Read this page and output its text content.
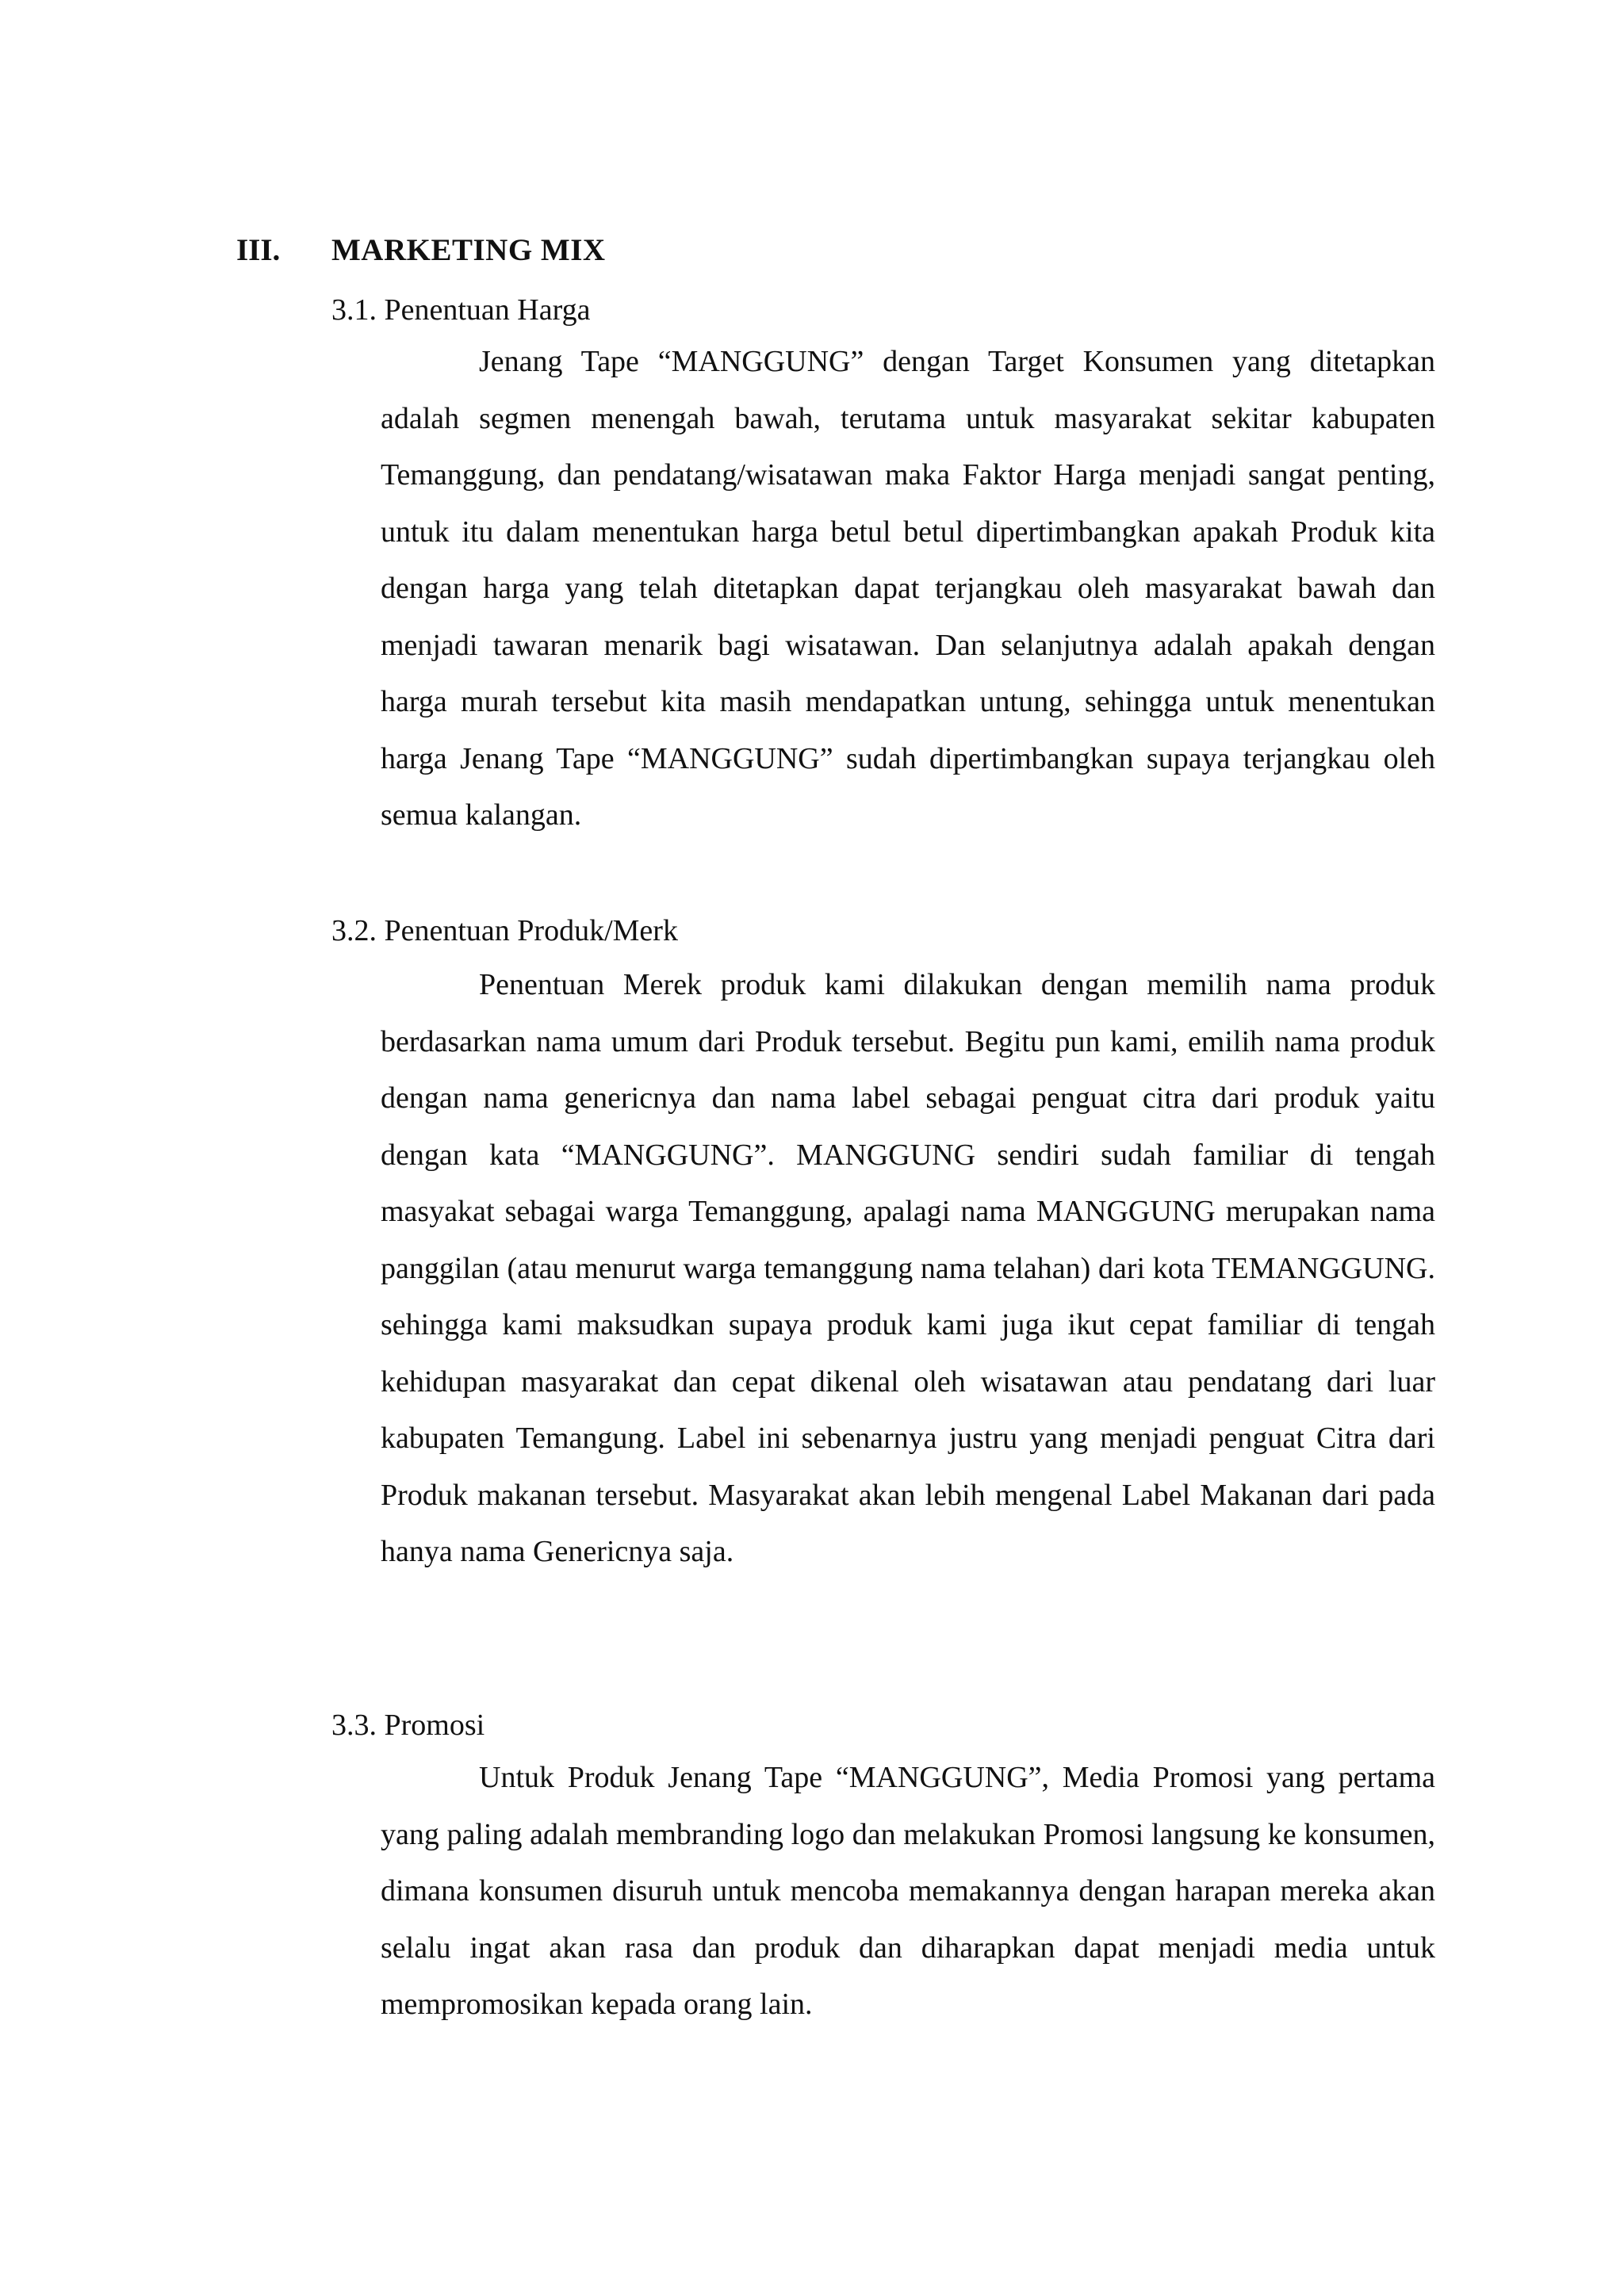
III. MARKETING MIX
3.1. Penentuan Harga

Jenang Tape “MANGGUNG” dengan Target Konsumen yang ditetapkan adalah segmen menengah bawah, terutama untuk masyarakat sekitar kabupaten Temanggung, dan pendatang/wisatawan maka Faktor Harga menjadi sangat penting, untuk itu dalam menentukan harga betul betul dipertimbangkan apakah Produk kita dengan harga yang telah ditetapkan dapat terjangkau oleh masyarakat bawah dan menjadi tawaran menarik bagi wisatawan. Dan selanjutnya adalah apakah dengan harga murah tersebut kita masih mendapatkan untung, sehingga untuk menentukan harga Jenang Tape “MANGGUNG” sudah dipertimbangkan supaya terjangkau oleh semua kalangan.

3.2. Penentuan Produk/Merk

Penentuan Merek produk kami dilakukan dengan memilih nama produk berdasarkan nama umum dari Produk tersebut. Begitu pun kami, emilih nama produk dengan nama genericnya dan nama label sebagai penguat citra dari produk yaitu dengan kata “MANGGUNG”. MANGGUNG sendiri sudah familiar di tengah masyakat sebagai warga Temanggung, apalagi nama MANGGUNG merupakan nama panggilan (atau menurut warga temanggung nama telahan) dari kota TEMANGGUNG. sehingga kami maksudkan supaya produk kami juga ikut cepat familiar di tengah kehidupan masyarakat dan cepat dikenal oleh wisatawan atau pendatang dari luar kabupaten Temangung. Label ini sebenarnya justru yang menjadi penguat Citra dari Produk makanan tersebut. Masyarakat akan lebih mengenal Label Makanan dari pada hanya nama Genericnya saja.

3.3. Promosi

Untuk Produk Jenang Tape “MANGGUNG”, Media Promosi yang pertama yang paling adalah membranding logo dan melakukan Promosi langsung ke konsumen, dimana konsumen disuruh untuk mencoba memakannya dengan harapan mereka akan selalu ingat akan rasa dan produk dan diharapkan dapat menjadi media untuk mempromosikan kepada orang lain.
